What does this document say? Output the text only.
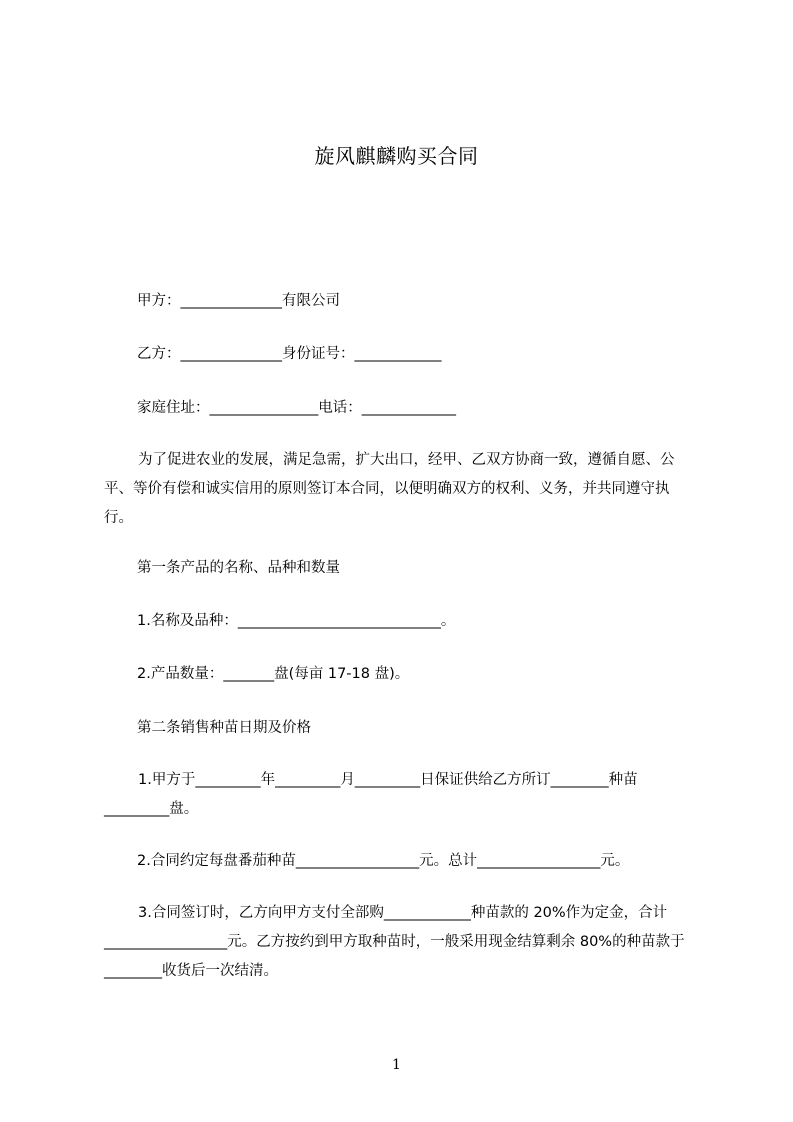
旋风麒麟购买合同
甲方：______________有限公司
乙方：______________身份证号：____________
家庭住址：_______________电话：_____________
为了促进农业的发展，满足急需，扩大出口，经甲、乙双方协商一致，遵循自愿、公平、等价有偿和诚实信用的原则签订本合同，以便明确双方的权利、义务，并共同遵守执行。
第一条产品的名称、品种和数量
1.名称及品种：____________________________。
2.产品数量：_______盘(每亩 17-18 盘)。
第二条销售种苗日期及价格
1.甲方于_________年_________月_________日保证供给乙方所订________种苗_________盘。
2.合同约定每盘番茄种苗_________________元。总计_________________元。
3.合同签订时，乙方向甲方支付全部购____________种苗款的 20%作为定金，合计_________________元。乙方按约到甲方取种苗时，一般采用现金结算剩余 80%的种苗款于________收货后一次结清。
1
